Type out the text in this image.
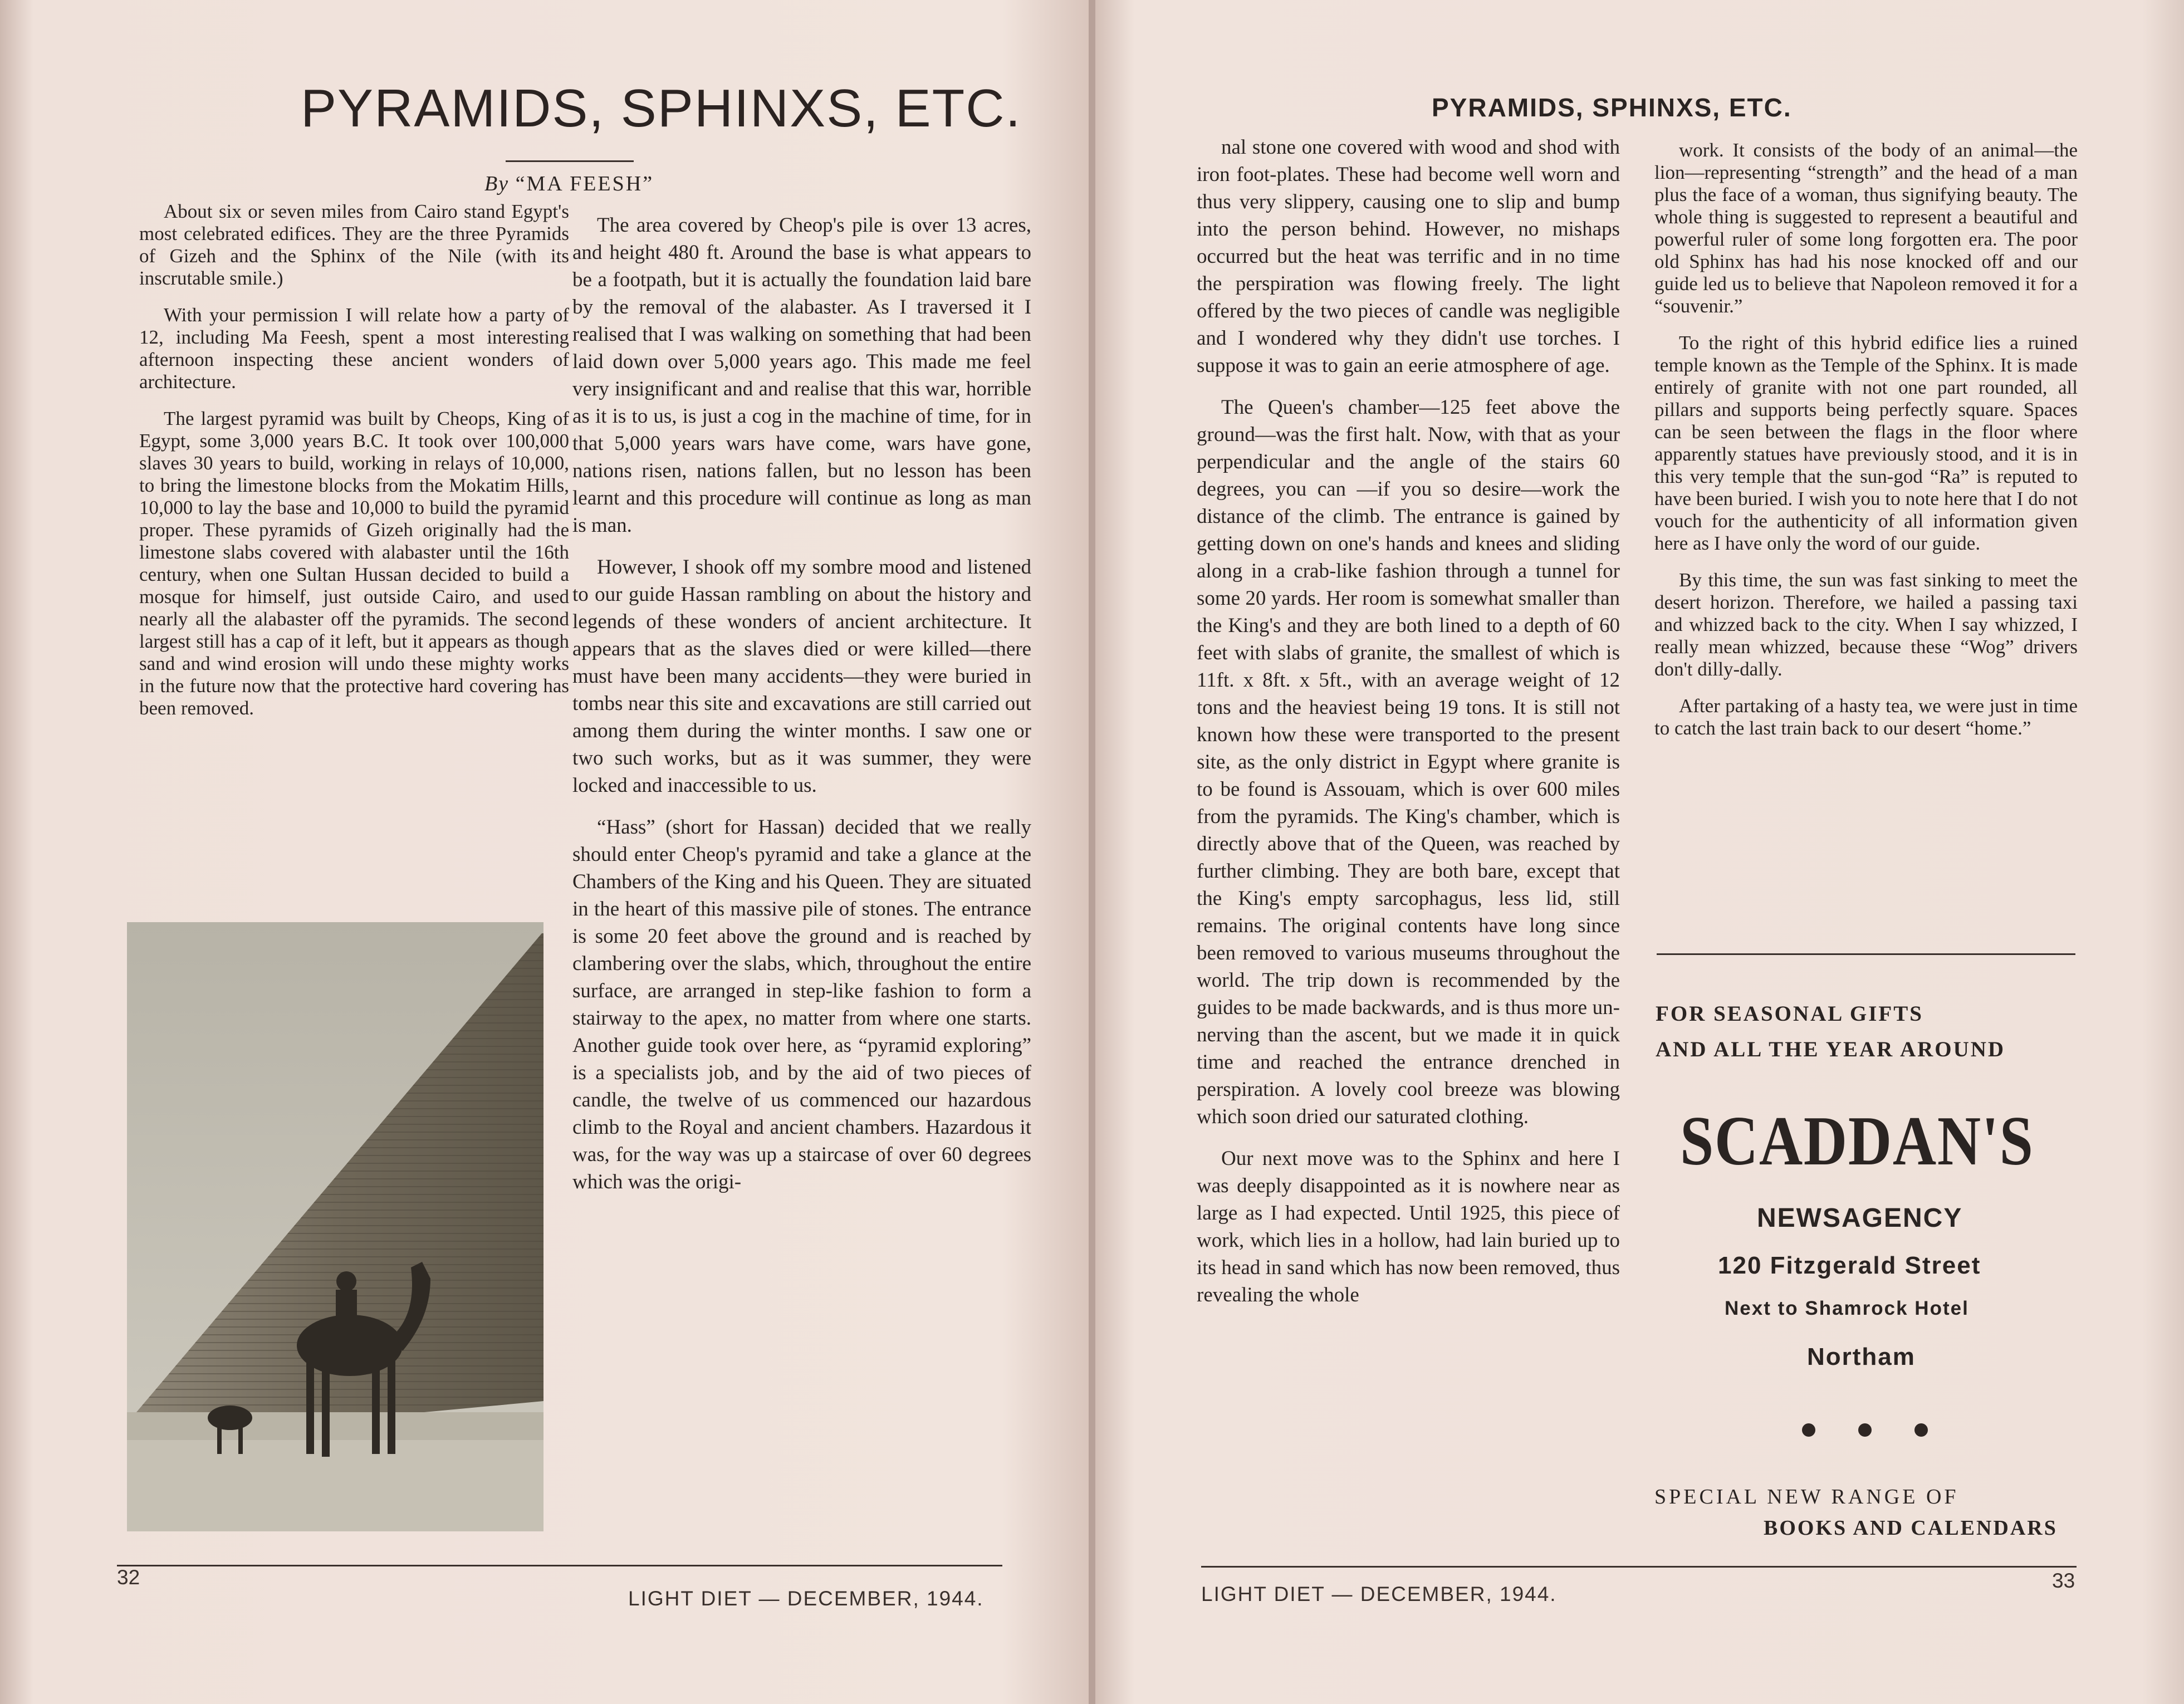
PYRAMIDS, SPHINXS, ETC.
By “MA FEESH”

About six or seven miles from Cairo stand Egypt's most celebrated edifices. They are the three Pyramids of Gizeh and the Sphinx of the Nile (with its inscrutable smile.)

With your permission I will relate how a party of 12, including Ma Feesh, spent a most interesting afternoon inspecting these ancient wonders of architecture.

The largest pyramid was built by Cheops, King of Egypt, some 3,000 years B.C. It took over 100,000 slaves 30 years to build, working in relays of 10,000, to bring the limestone blocks from the Mokatim Hills, 10,000 to lay the base and 10,000 to build the pyramid proper. These pyramids of Gizeh originally had the limestone slabs covered with alabaster until the 16th century, when one Sultan Hussan decided to build a mosque for himself, just outside Cairo, and used nearly all the alabaster off the pyramids. The second largest still has a cap of it left, but it appears as though sand and wind erosion will undo these mighty works in the future now that the protective hard covering has been removed.

The area covered by Cheop's pile is over 13 acres, and height 480 ft. Around the base is what appears to be a footpath, but it is actually the foundation laid bare by the removal of the alabaster. As I traversed it I realised that I was walking on something that had been laid down over 5,000 years ago. This made me feel very insignificant and and realise that this war, horrible as it is to us, is just a cog in the machine of time, for in that 5,000 years wars have come, wars have gone, nations risen, nations fallen, but no lesson has been learnt and this procedure will continue as long as man is man.

However, I shook off my sombre mood and listened to our guide Hassan rambling on about the history and legends of these wonders of ancient architecture. It appears that as the slaves died or were killed—there must have been many accidents—they were buried in tombs near this site and excavations are still carried out among them during the winter months. I saw one or two such works, but as it was summer, they were locked and inaccessible to us.

“Hass” (short for Hassan) decided that we really should enter Cheop's pyramid and take a glance at the Chambers of the King and his Queen. They are situated in the heart of this massive pile of stones. The entrance is some 20 feet above the ground and is reached by clambering over the slabs, which, throughout the entire surface, are arranged in step-like fashion to form a stairway to the apex, no matter from where one starts. Another guide took over here, as “pyramid exploring” is a specialists job, and by the aid of two pieces of candle, the twelve of us commenced our hazardous climb to the Royal and ancient chambers. Hazardous it was, for the way was up a staircase of over 60 degrees which was the origi-

32
LIGHT DIET — DECEMBER, 1944.
PYRAMIDS, SPHINXS, ETC.

nal stone one covered with wood and shod with iron foot-plates. These had become well worn and thus very slippery, causing one to slip and bump into the person behind. However, no mishaps occurred but the heat was terrific and in no time the perspiration was flowing freely. The light offered by the two pieces of candle was negligible and I wondered why they didn't use torches. I suppose it was to gain an eerie atmosphere of age.

The Queen's chamber—125 feet above the ground—was the first halt. Now, with that as your perpendicular and the angle of the stairs 60 degrees, you can —if you so desire—work the distance of the climb. The entrance is gained by getting down on one's hands and knees and sliding along in a crab-like fashion through a tunnel for some 20 yards. Her room is somewhat smaller than the King's and they are both lined to a depth of 60 feet with slabs of granite, the smallest of which is 11ft. x 8ft. x 5ft., with an average weight of 12 tons and the heaviest being 19 tons. It is still not known how these were transported to the present site, as the only district in Egypt where granite is to be found is Assouam, which is over 600 miles from the pyramids. The King's chamber, which is directly above that of the Queen, was reached by further climbing. They are both bare, except that the King's empty sarcophagus, less lid, still remains. The original contents have long since been removed to various museums throughout the world. The trip down is recommended by the guides to be made backwards, and is thus more un-nerving than the ascent, but we made it in quick time and reached the entrance drenched in perspiration. A lovely cool breeze was blowing which soon dried our saturated clothing.

Our next move was to the Sphinx and here I was deeply disappointed as it is nowhere near as large as I had expected. Until 1925, this piece of work, which lies in a hollow, had lain buried up to its head in sand which has now been removed, thus revealing the whole

work. It consists of the body of an animal—the lion—representing “strength” and the head of a man plus the face of a woman, thus signifying beauty. The whole thing is suggested to represent a beautiful and powerful ruler of some long forgotten era. The poor old Sphinx has had his nose knocked off and our guide led us to believe that Napoleon removed it for a “souvenir.”

To the right of this hybrid edifice lies a ruined temple known as the Temple of the Sphinx. It is made entirely of granite with not one part rounded, all pillars and supports being perfectly square. Spaces can be seen between the flags in the floor where apparently statues have previously stood, and it is in this very temple that the sun-god “Ra” is reputed to have been buried. I wish you to note here that I do not vouch for the authenticity of all information given here as I have only the word of our guide.

By this time, the sun was fast sinking to meet the desert horizon. Therefore, we hailed a passing taxi and whizzed back to the city. When I say whizzed, I really mean whizzed, because these “Wog” drivers don't dilly-dally.

After partaking of a hasty tea, we were just in time to catch the last train back to our desert “home.”

FOR SEASONAL GIFTS
AND ALL THE YEAR AROUND
SCADDAN'S
NEWSAGENCY
120 Fitzgerald Street
Next to Shamrock Hotel
Northam
SPECIAL NEW RANGE OF
BOOKS AND CALENDARS
LIGHT DIET — DECEMBER, 1944.
33
